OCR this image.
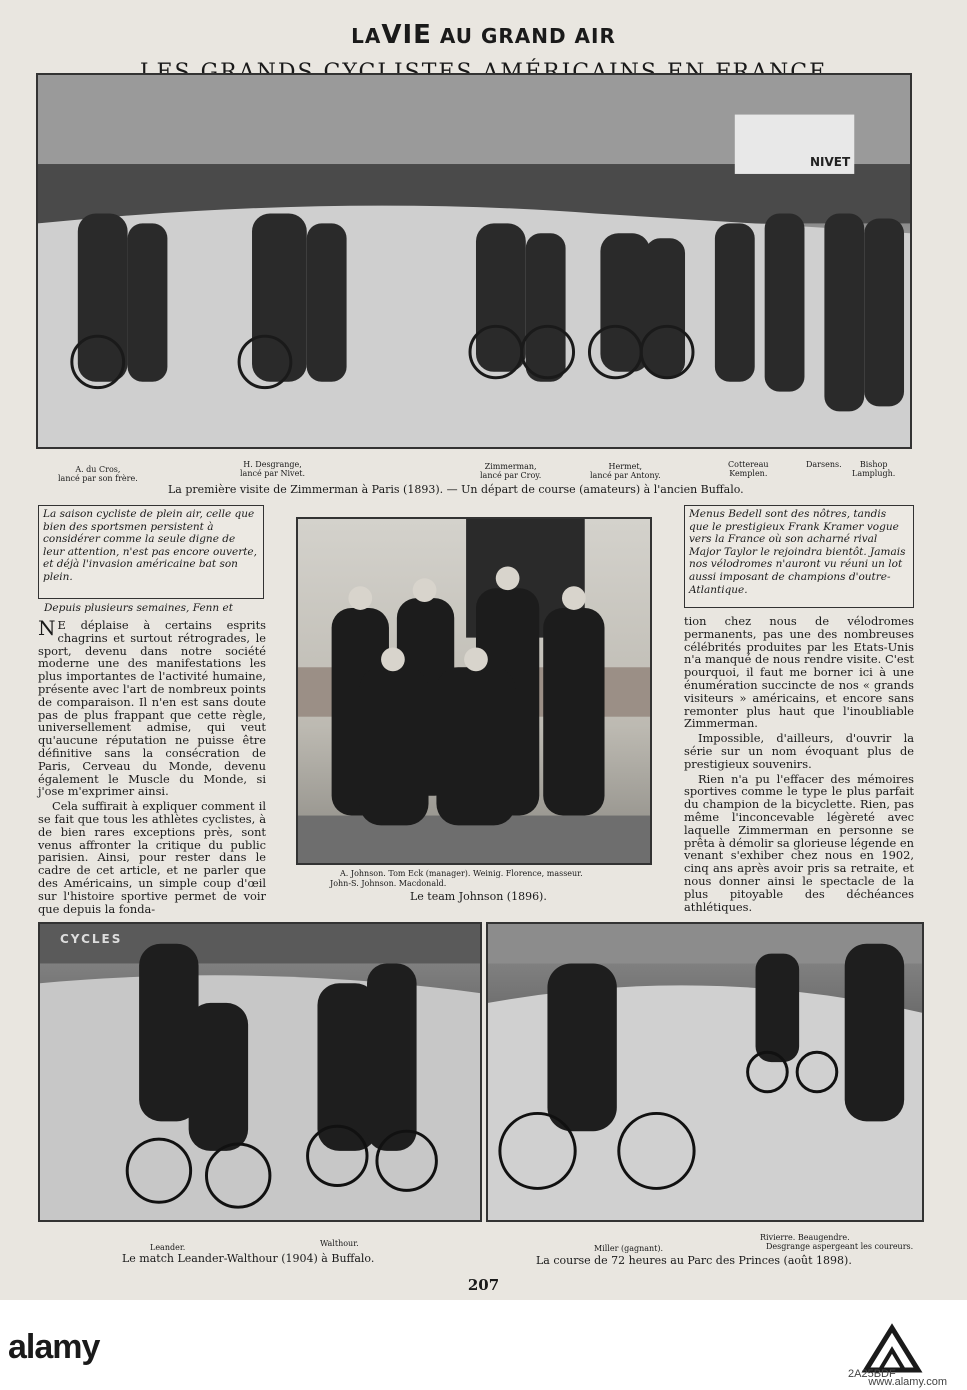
LAVIE AU GRAND AIR
NIVET
A. du Cros,
lancé par son frère.
H. Desgrange,
lancé par Nivet.
Zimmerman,
lancé par Croy.
Hermet,
lancé par Antony.
Cottereau
Kemplen.
Darsens.	Bishop
Lamplugh.
La première visite de Zimmerman à Paris (1893). — Un départ de course (amateurs) à l'ancien Buffalo.
La saison cycliste de plein air, celle que bien des sportsmen persistent à considérer comme la seule digne de leur attention, n'est pas encore ouverte, et déjà l'invasion américaine bat son plein.
Depuis plusieurs semaines, Fenn et
Menus Bedell sont des nôtres, tandis que le prestigieux Frank Kramer vogue vers la France où son acharné rival Major Taylor le rejoindra bientôt. Jamais nos vélodromes n'auront vu réuni un lot aussi imposant de champions d'outre-Atlantique.

N E déplaise à certains esprits chagrins et surtout rétrogrades, le sport, devenu dans notre société moderne une des manifestations les plus importantes de l'activité humaine, présente avec l'art de nombreux points de comparaison. Il n'en est sans doute pas de plus frappant que cette règle, universellement admise, qui veut qu'aucune réputation ne puisse être définitive sans la consécration de Paris, Cerveau du Monde, devenu également le Muscle du Monde, si j'ose m'exprimer ainsi.

Cela suffirait à expliquer comment il se fait que tous les athlètes cyclistes, à de bien rares exceptions près, sont venus affronter la critique du public parisien. Ainsi, pour rester dans le cadre de cet article, et ne parler que des Américains, un simple coup d'œil sur l'histoire sportive permet de voir que depuis la fonda-

A. Johnson. Tom Eck (manager). Weinig. Florence, masseur.
John-S. Johnson. Macdonald.
Le team Johnson (1896).

tion chez nous de vélodromes permanents, pas une des nombreuses célébrités produites par les Etats-Unis n'a manqué de nous rendre visite. C'est pourquoi, il faut me borner ici à une énumération succincte de nos « grands visiteurs » américains, et encore sans remonter plus haut que l'inoubliable Zimmerman.

Impossible, d'ailleurs, d'ouvrir la série sur un nom évoquant plus de prestigieux souvenirs.

Rien n'a pu l'effacer des mémoires sportives comme le type le plus parfait du champion de la bicyclette. Rien, pas même l'inconcevable légèreté avec laquelle Zimmerman en personne se prêta à démolir sa glorieuse légende en venant s'exhiber chez nous en 1902, cinq ans après avoir pris sa retraite, et nous donner ainsi le spectacle de la plus pitoyable des déchéances athlétiques.

CYCLES
Leander.	Walthour.
Le match Leander-Walthour (1904) à Buffalo.
Miller (gagnant).
Rivierre. Beaugendre.
Desgrange aspergeant les coureurs.
La course de 72 heures au Parc des Princes (août 1898).
207
alamy
2A25BDF
www.alamy.com
